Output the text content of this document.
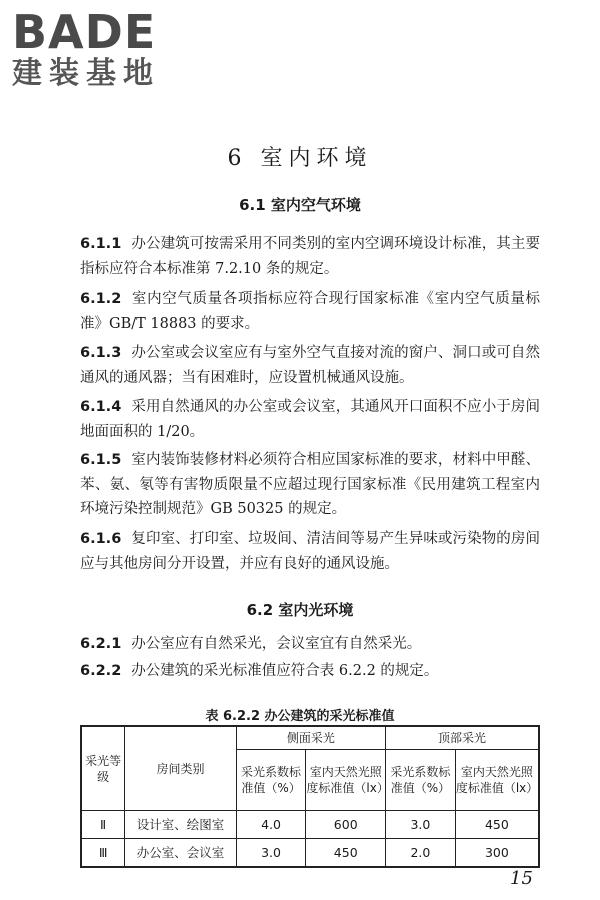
BADE
建装基地
6 室内环境
6.1 室内空气环境
6.1.1 办公建筑可按需采用不同类别的室内空调环境设计标准，其主要指标应符合本标准第 7.2.10 条的规定。
6.1.2 室内空气质量各项指标应符合现行国家标准《室内空气质量标准》GB/T 18883 的要求。
6.1.3 办公室或会议室应有与室外空气直接对流的窗户、洞口或可自然通风的通风器；当有困难时，应设置机械通风设施。
6.1.4 采用自然通风的办公室或会议室，其通风开口面积不应小于房间地面面积的 1/20。
6.1.5 室内装饰装修材料必须符合相应国家标准的要求，材料中甲醛、苯、氨、氡等有害物质限量不应超过现行国家标准《民用建筑工程室内环境污染控制规范》GB 50325 的规定。
6.1.6 复印室、打印室、垃圾间、清洁间等易产生异味或污染物的房间应与其他房间分开设置，并应有良好的通风设施。
6.2 室内光环境
6.2.1 办公室应有自然采光，会议室宜有自然采光。
6.2.2 办公建筑的采光标准值应符合表 6.2.2 的规定。
表 6.2.2 办公建筑的采光标准值
采光等级	房间类别	侧面采光		顶部采光	
		采光系数标准值（%）	室内天然光照度标准值（lx）	采光系数标准值（%）	室内天然光照度标准值（lx）
Ⅱ	设计室、绘图室	4.0	600	3.0	450
Ⅲ	办公室、会议室	3.0	450	2.0	300
15
